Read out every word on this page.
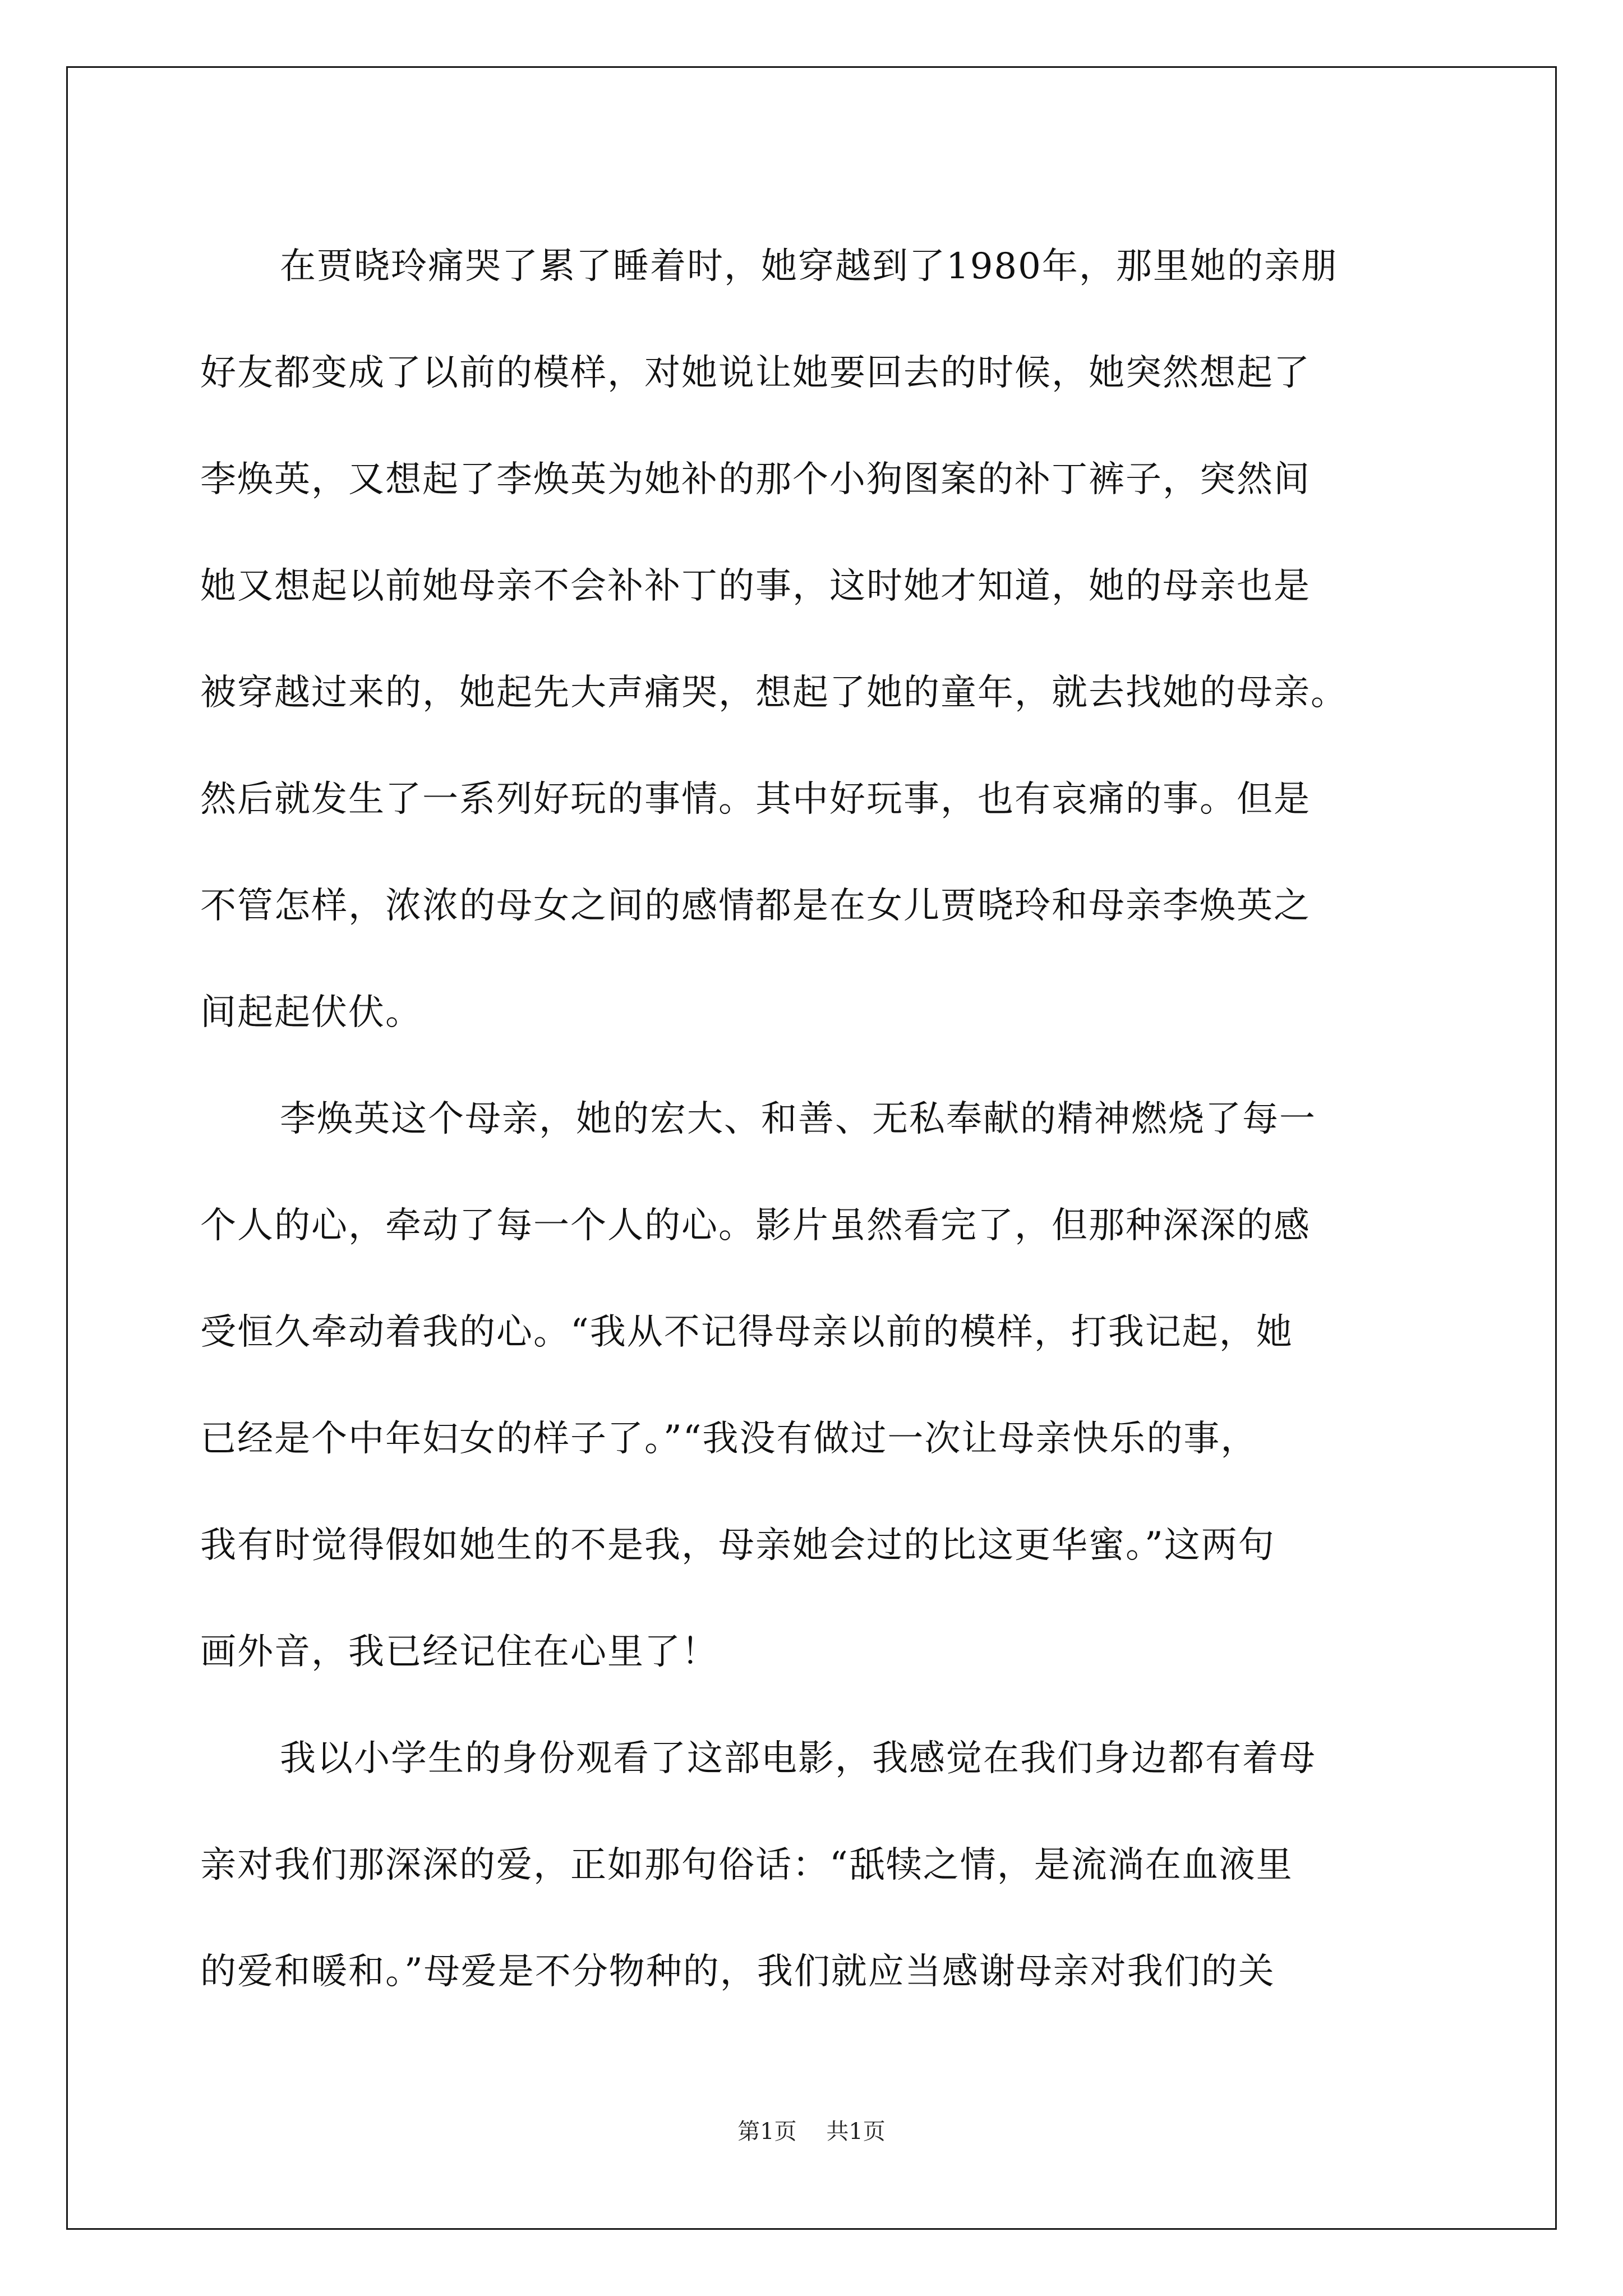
在贾晓玲痛哭了累了睡着时，她穿越到了1980年，那里她的亲朋
好友都变成了以前的模样，对她说让她要回去的时候，她突然想起了
李焕英，又想起了李焕英为她补的那个小狗图案的补丁裤子，突然间
她又想起以前她母亲不会补补丁的事，这时她才知道，她的母亲也是
被穿越过来的，她起先大声痛哭，想起了她的童年，就去找她的母亲。
然后就发生了一系列好玩的事情。其中好玩事，也有哀痛的事。但是
不管怎样，浓浓的母女之间的感情都是在女儿贾晓玲和母亲李焕英之
间起起伏伏。

李焕英这个母亲，她的宏大、和善、无私奉献的精神燃烧了每一
个人的心，牵动了每一个人的心。影片虽然看完了，但那种深深的感
受恒久牵动着我的心。“我从不记得母亲以前的模样，打我记起，她
已经是个中年妇女的样子了。”“我没有做过一次让母亲快乐的事，
我有时觉得假如她生的不是我，母亲她会过的比这更华蜜。”这两句
画外音，我已经记住在心里了！

我以小学生的身份观看了这部电影，我感觉在我们身边都有着母
亲对我们那深深的爱，正如那句俗话：“舐犊之情，是流淌在血液里
的爱和暖和。”母爱是不分物种的，我们就应当感谢母亲对我们的关

第1页 共1页
